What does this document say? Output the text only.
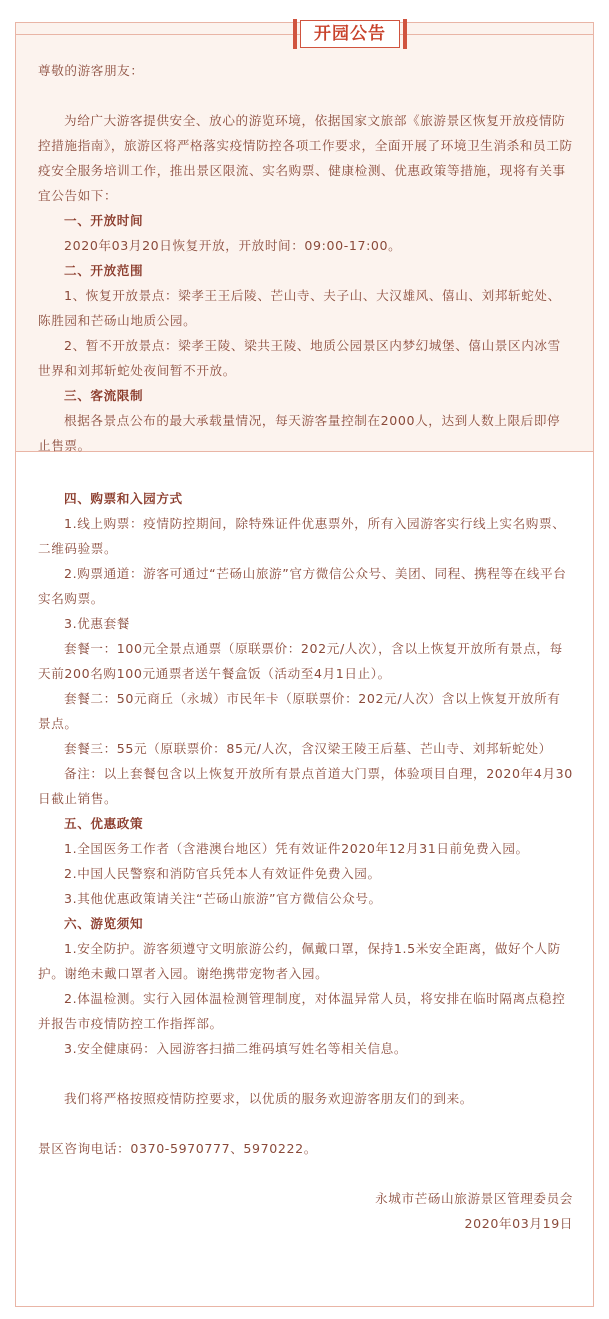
开园公告

尊敬的游客朋友：

为给广大游客提供安全、放心的游览环境，依据国家文旅部《旅游景区恢复开放疫情防控措施指南》，旅游区将严格落实疫情防控各项工作要求，全面开展了环境卫生消杀和员工防疫安全服务培训工作，推出景区限流、实名购票、健康检测、优惠政策等措施，现将有关事宜公告如下：

一、开放时间

2020年03月20日恢复开放，开放时间：09:00-17:00。

二、开放范围

1、恢复开放景点：梁孝王王后陵、芒山寺、夫子山、大汉雄风、僖山、刘邦斩蛇处、陈胜园和芒砀山地质公园。

2、暂不开放景点：梁孝王陵、梁共王陵、地质公园景区内梦幻城堡、僖山景区内冰雪世界和刘邦斩蛇处夜间暂不开放。

三、客流限制

根据各景点公布的最大承载量情况，每天游客量控制在2000人，达到人数上限后即停止售票。

四、购票和入园方式

1.线上购票：疫情防控期间，除特殊证件优惠票外，所有入园游客实行线上实名购票、二维码验票。

2.购票通道：游客可通过“芒砀山旅游”官方微信公众号、美团、同程、携程等在线平台实名购票。

3.优惠套餐

套餐一：100元全景点通票（原联票价：202元/人次），含以上恢复开放所有景点，每天前200名购100元通票者送午餐盒饭（活动至4月1日止）。

套餐二：50元商丘（永城）市民年卡（原联票价：202元/人次）含以上恢复开放所有景点。

套餐三：55元（原联票价：85元/人次，含汉梁王陵王后墓、芒山寺、刘邦斩蛇处）

备注：以上套餐包含以上恢复开放所有景点首道大门票，体验项目自理，2020年4月30日截止销售。

五、优惠政策

1.全国医务工作者（含港澳台地区）凭有效证件2020年12月31日前免费入园。

2.中国人民警察和消防官兵凭本人有效证件免费入园。

3.其他优惠政策请关注“芒砀山旅游”官方微信公众号。

六、游览须知

1.安全防护。游客须遵守文明旅游公约，佩戴口罩，保持1.5米安全距离，做好个人防护。谢绝未戴口罩者入园。谢绝携带宠物者入园。

2.体温检测。实行入园体温检测管理制度，对体温异常人员，将安排在临时隔离点稳控并报告市疫情防控工作指挥部。

3.安全健康码：入园游客扫描二维码填写姓名等相关信息。

我们将严格按照疫情防控要求，以优质的服务欢迎游客朋友们的到来。

景区咨询电话：0370-5970777、5970222。

永城市芒砀山旅游景区管理委员会

2020年03月19日
